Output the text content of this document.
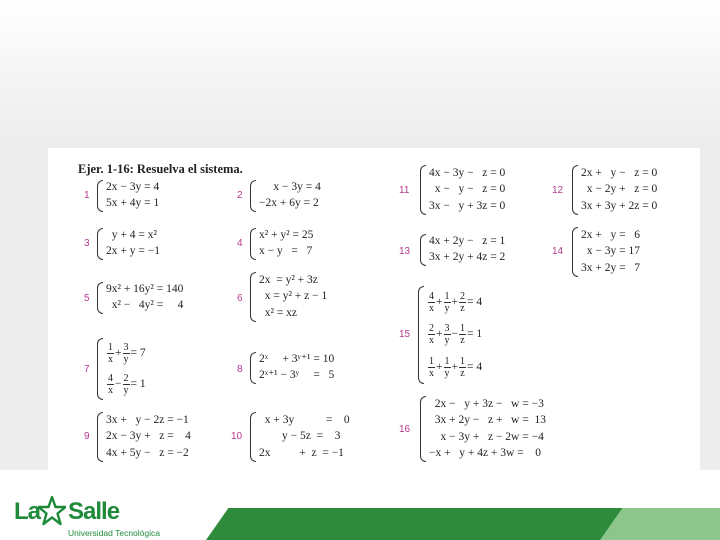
Ejer. 1-16: Resuelva el sistema.
1
2x − 3y = 4
5x + 4y = 1
3
y + 4 = x²
2x + y = −1
5
9x² + 16y² = 140
x² −   4y² =     4
7
$\frac{1}{x} + \frac{3}{y} = 7$
$\frac{4}{x} - \frac{2}{y} = 1$
9
3x +   y − 2z = −1
2x − 3y +   z =    4
4x + 5y −   z = −2
2
x − 3y = 4
−2x + 6y = 2
4
x² + y² = 25
x − y   =   7
6
2x  = y² + 3z
x = y² + z − 1
x² = xz
8
2ˣ     + 3ʸ⁺¹ = 10
2ˣ⁺¹ − 3ʸ     =   5
10
x + 3y           =    0
y − 5z  =    3
2x          +  z  = −1
11
4x − 3y −   z = 0
x −   y −   z = 0
3x −   y + 3z = 0
13
4x + 2y −   z = 1
3x + 2y + 4z = 2
15
$\frac{4}{x} + \frac{1}{y} + \frac{2}{z} = 4$
$\frac{2}{x} + \frac{3}{y} - \frac{1}{z} = 1$
$\frac{1}{x} + \frac{1}{y} + \frac{1}{z} = 4$
16
2x −   y + 3z −   w = −3
3x + 2y −   z +   w =  13
x − 3y +   z − 2w = −4
−x +   y + 4z + 3w =    0
12
2x +   y −   z = 0
x − 2y +   z = 0
3x + 3y + 2z = 0
14
2x +   y =   6
x − 3y = 17
3x + 2y =   7
La Salle
Universidad Tecnológica
